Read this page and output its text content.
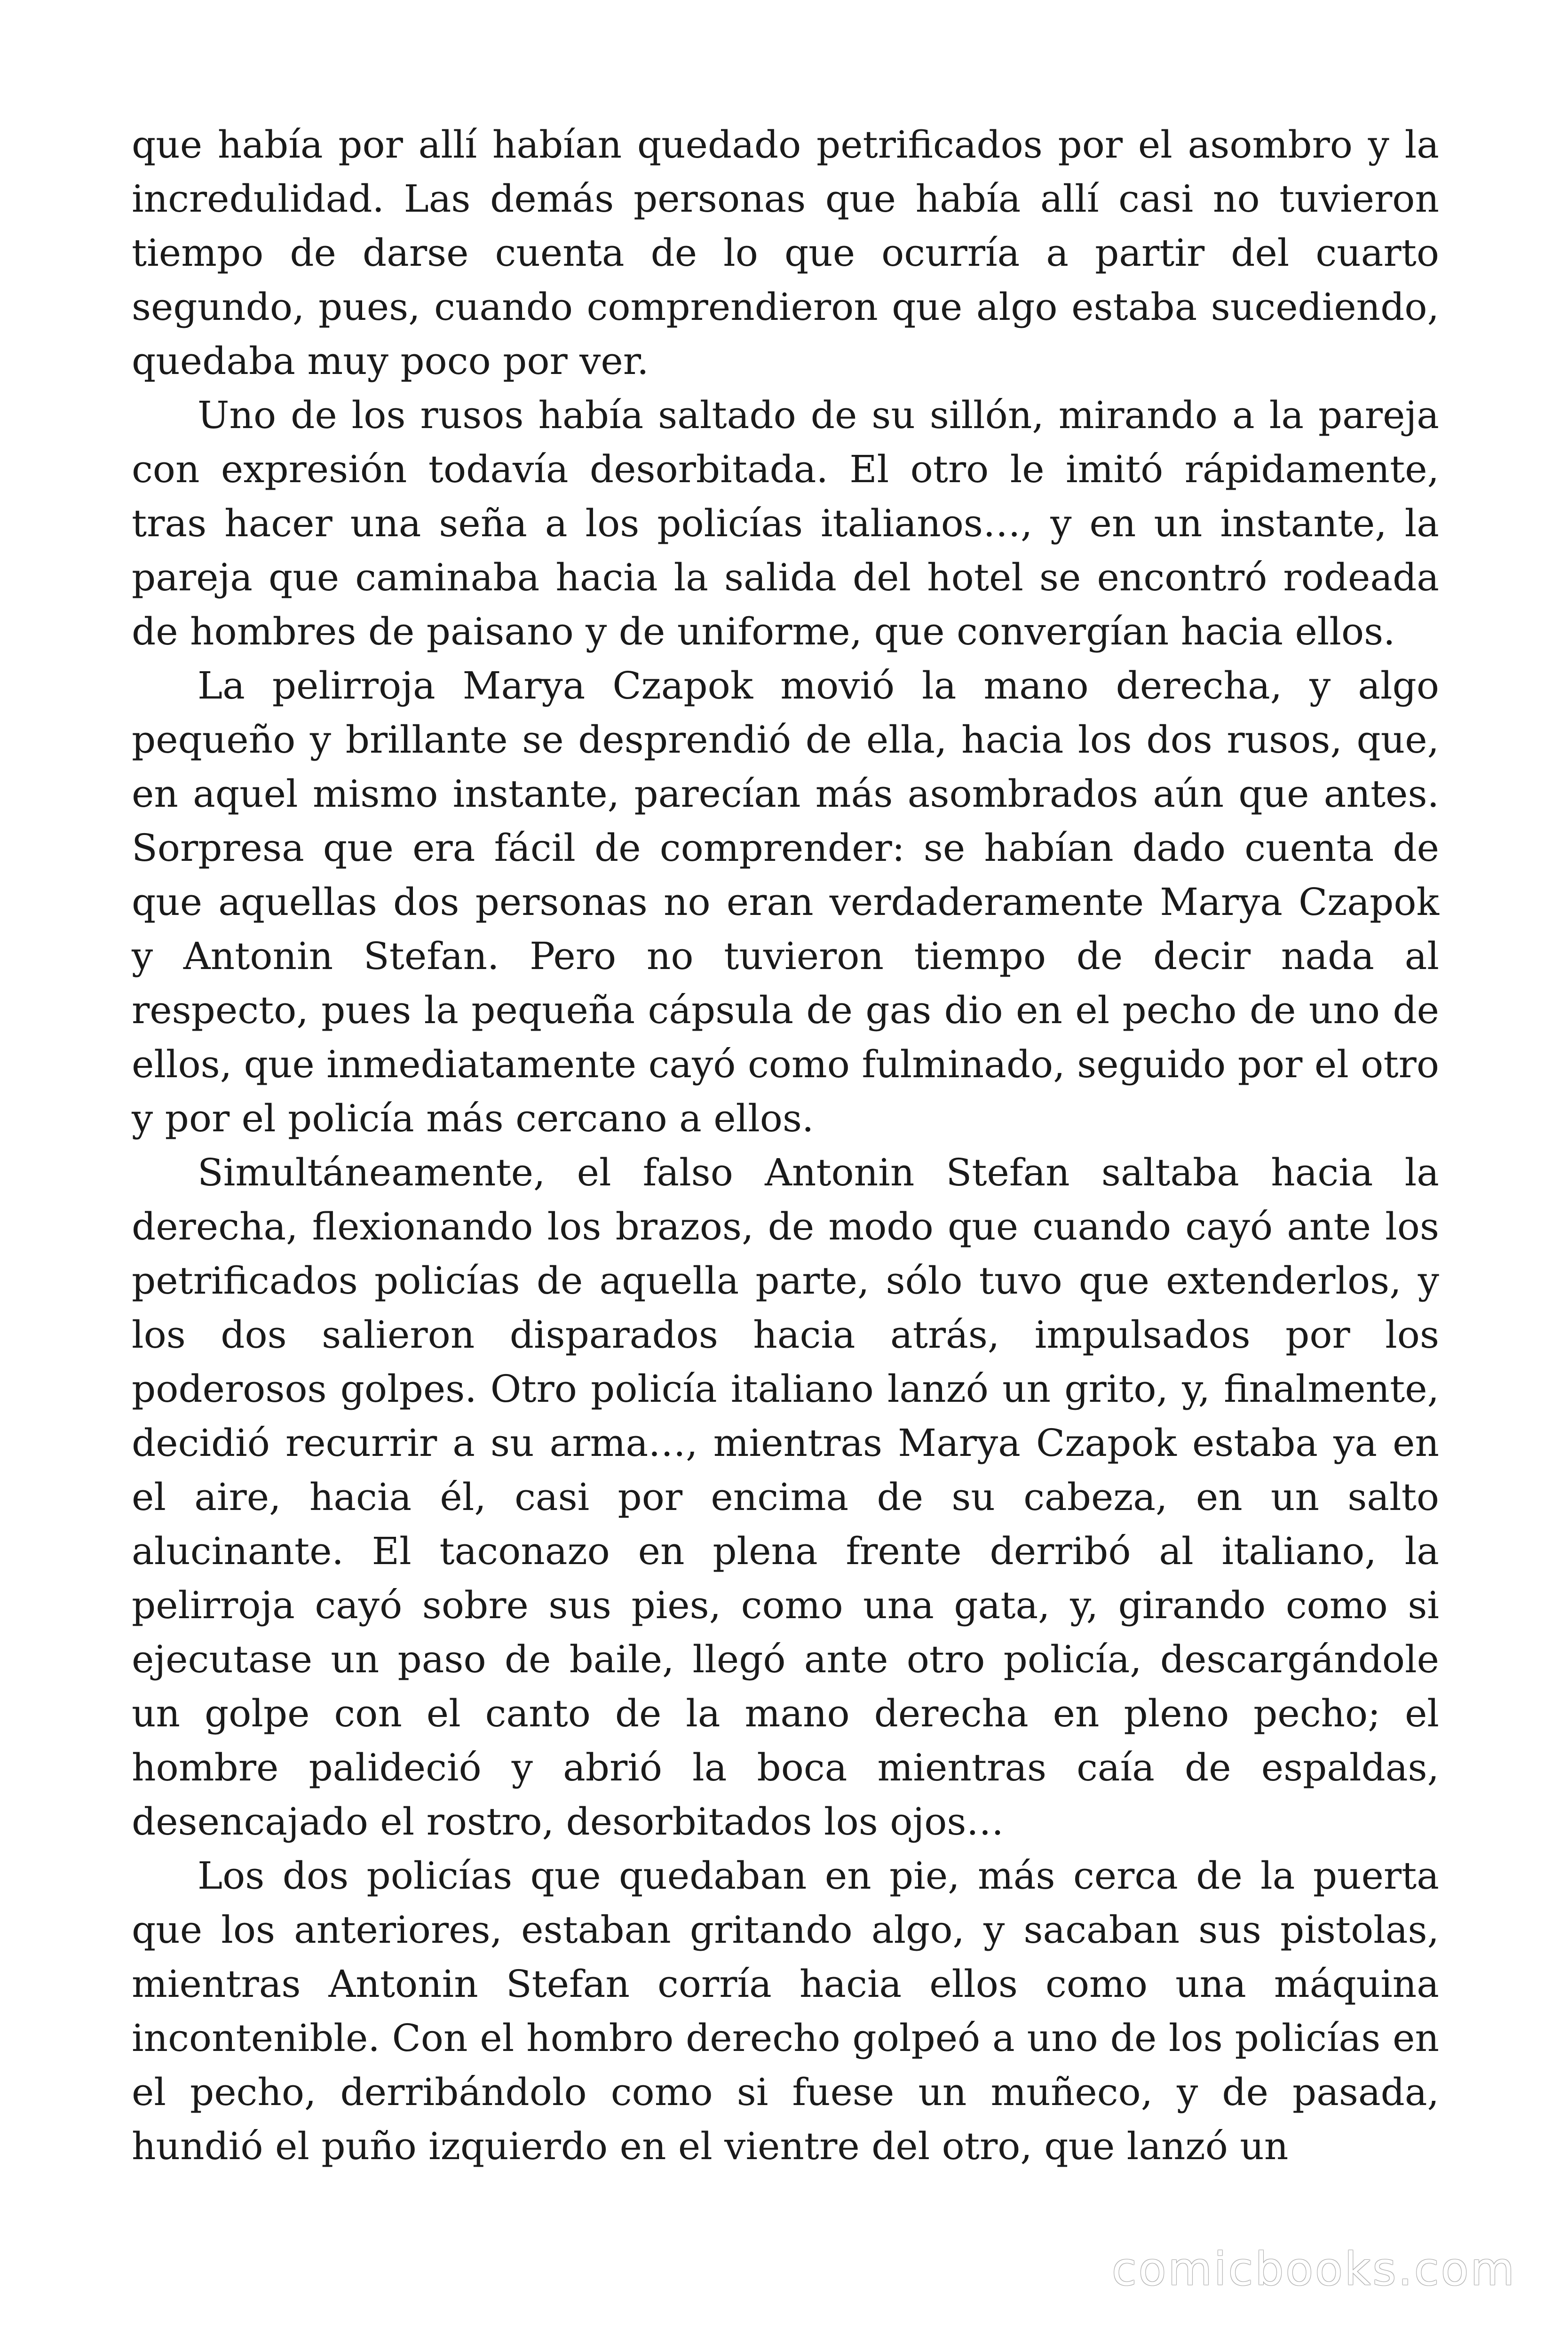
que había por allí habían quedado petrificados por el asombro y la incredulidad. Las demás personas que había allí casi no tuvieron tiempo de darse cuenta de lo que ocurría a partir del cuarto segundo, pues, cuando comprendieron que algo estaba sucediendo, quedaba muy poco por ver.

Uno de los rusos había saltado de su sillón, mirando a la pareja con expresión todavía desorbitada. El otro le imitó rápidamente, tras hacer una seña a los policías italianos…, y en un instante, la pareja que caminaba hacia la salida del hotel se encontró rodeada de hombres de paisano y de uniforme, que convergían hacia ellos.

La pelirroja Marya Czapok movió la mano derecha, y algo pequeño y brillante se desprendió de ella, hacia los dos rusos, que, en aquel mismo instante, parecían más asombrados aún que antes. Sorpresa que era fácil de comprender: se habían dado cuenta de que aquellas dos personas no eran verdaderamente Marya Czapok y Antonin Stefan. Pero no tuvieron tiempo de decir nada al respecto, pues la pequeña cápsula de gas dio en el pecho de uno de ellos, que inmediatamente cayó como fulminado, seguido por el otro y por el policía más cercano a ellos.

Simultáneamente, el falso Antonin Stefan saltaba hacia la derecha, flexionando los brazos, de modo que cuando cayó ante los petrificados policías de aquella parte, sólo tuvo que extenderlos, y los dos salieron disparados hacia atrás, impulsados por los poderosos golpes. Otro policía italiano lanzó un grito, y, finalmente, decidió recurrir a su arma…, mientras Marya Czapok estaba ya en el aire, hacia él, casi por encima de su cabeza, en un salto alucinante. El taconazo en plena frente derribó al italiano, la pelirroja cayó sobre sus pies, como una gata, y, girando como si ejecutase un paso de baile, llegó ante otro policía, descargándole un golpe con el canto de la mano derecha en pleno pecho; el hombre palideció y abrió la boca mientras caía de espaldas, desencajado el rostro, desorbitados los ojos…

Los dos policías que quedaban en pie, más cerca de la puerta que los anteriores, estaban gritando algo, y sacaban sus pistolas, mientras Antonin Stefan corría hacia ellos como una máquina incontenible. Con el hombro derecho golpeó a uno de los policías en el pecho, derribándolo como si fuese un muñeco, y de pasada, hundió el puño izquierdo en el vientre del otro, que lanzó un

comicbooks.com
